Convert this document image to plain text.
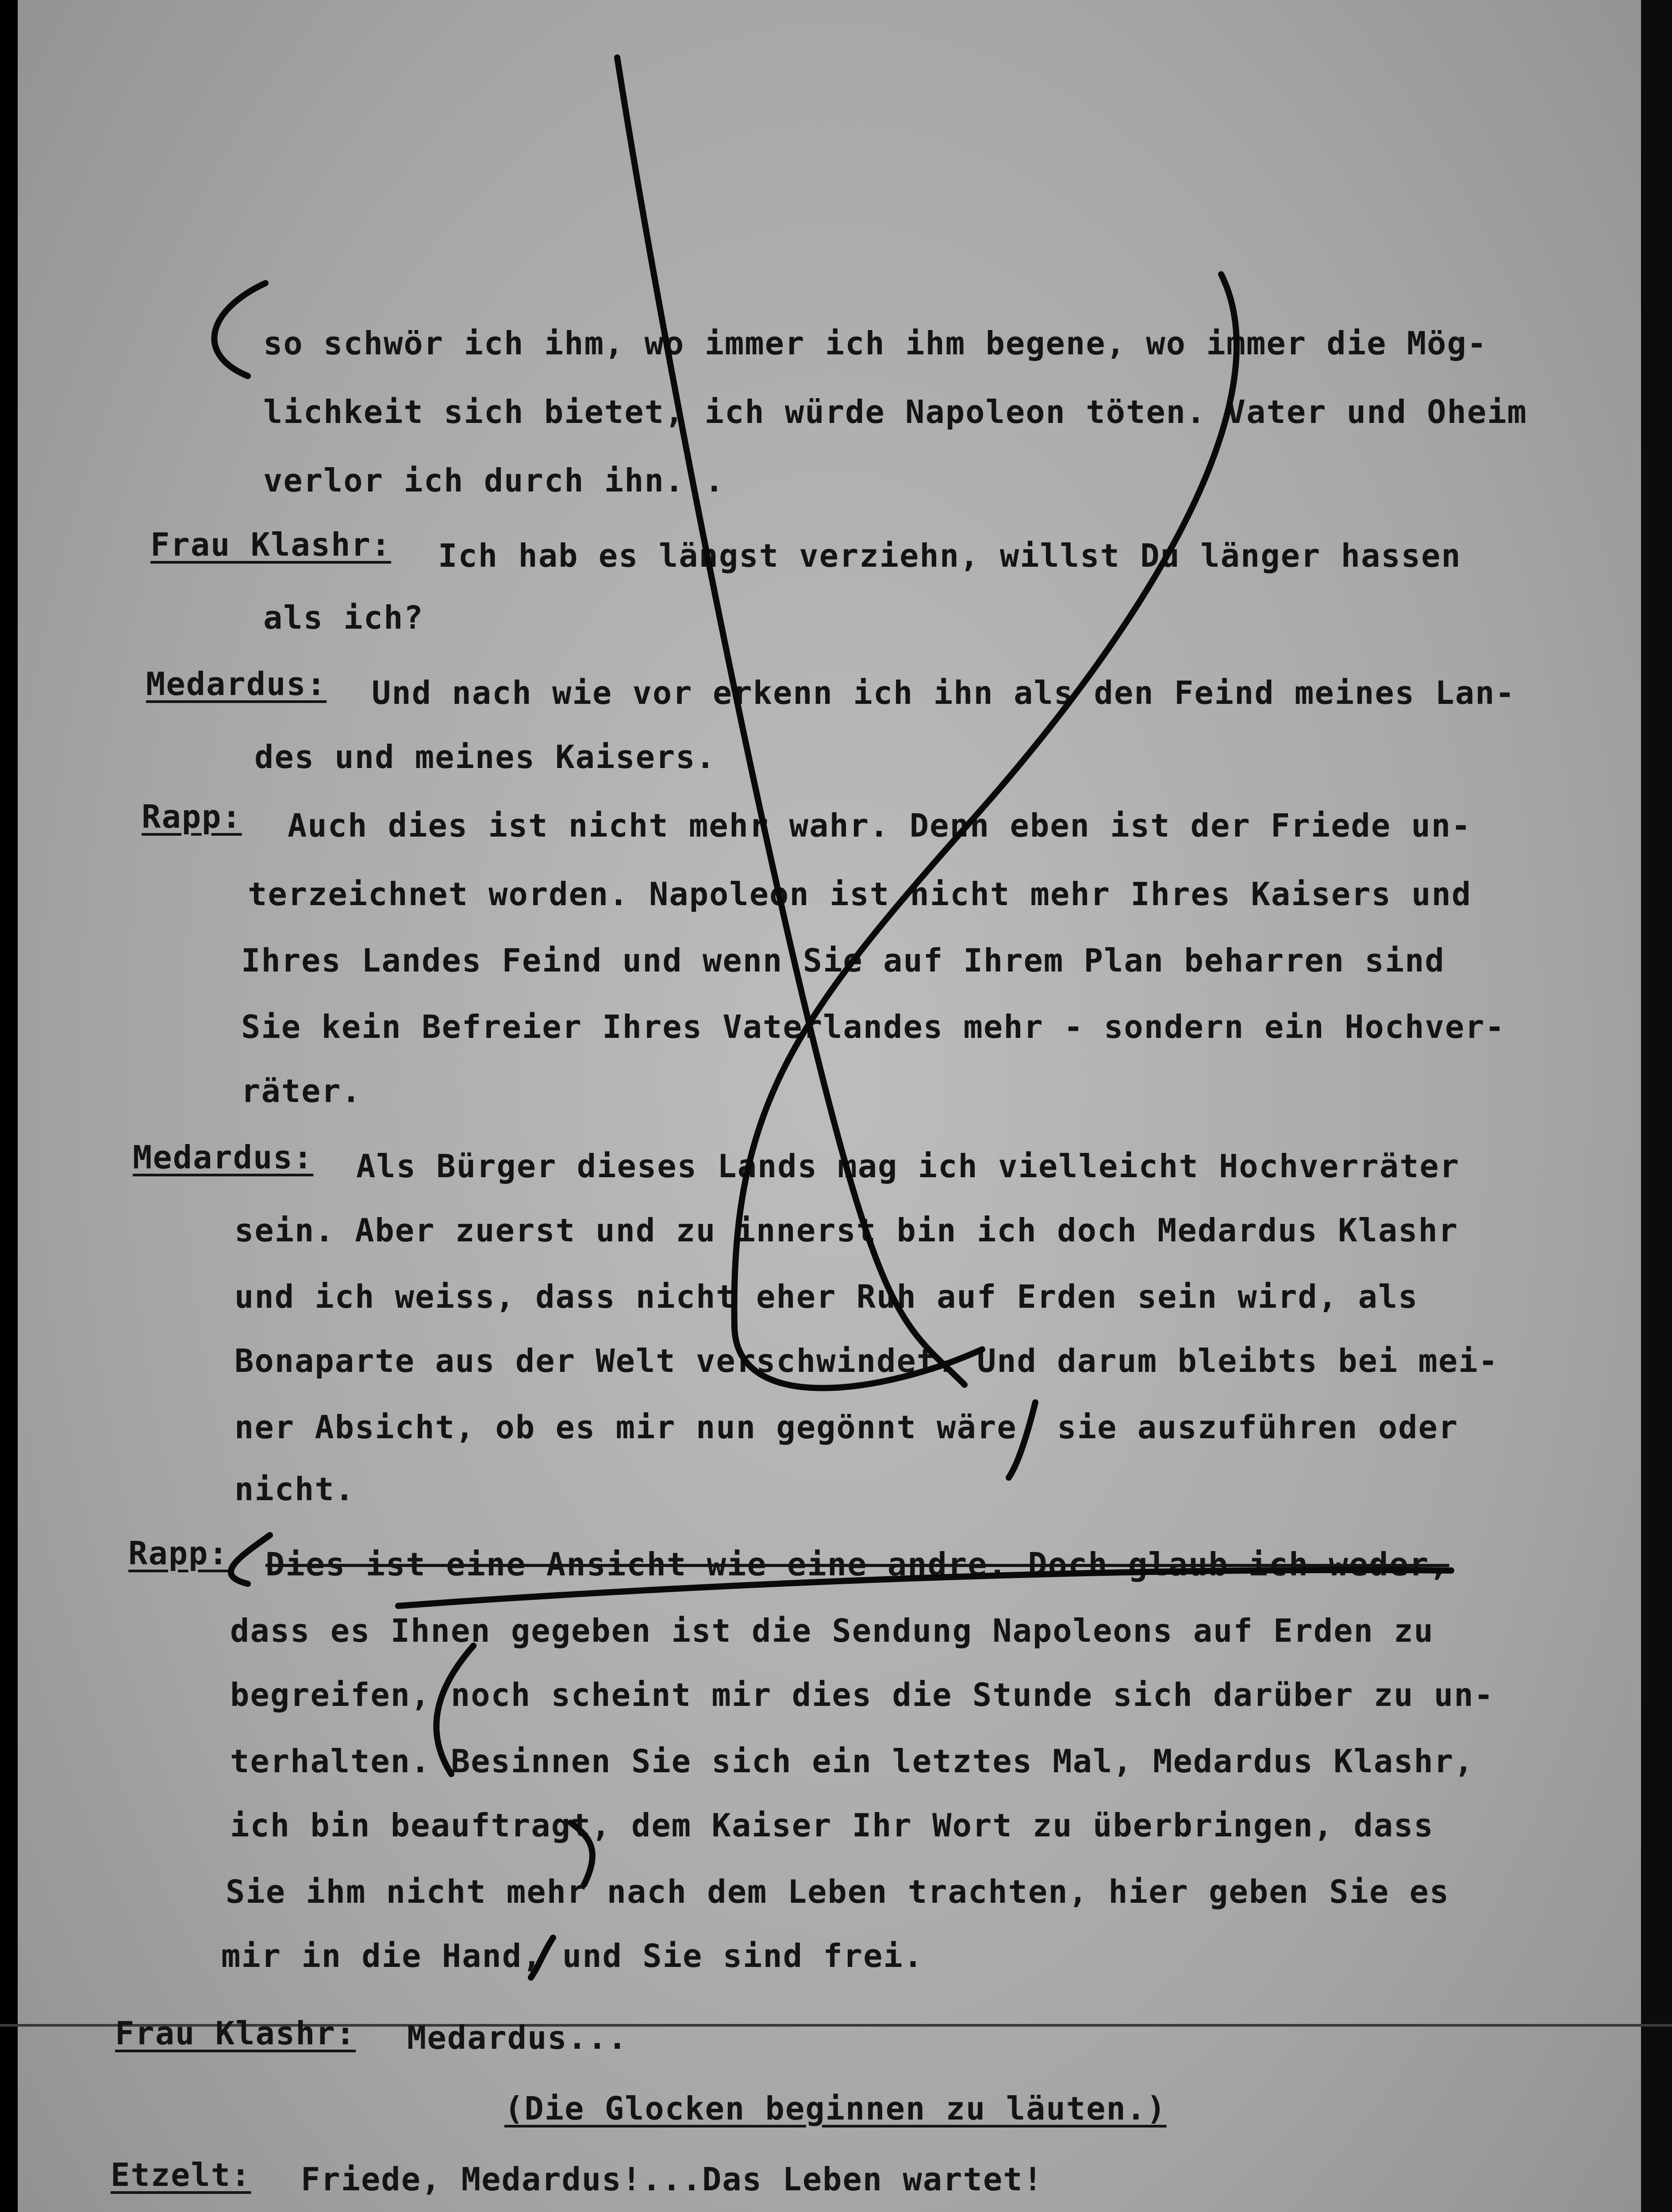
so schwör ich ihm, wo immer ich ihm begene, wo immer die Mög-
lichkeit sich bietet, ich würde Napoleon töten. Vater und Oheim
verlor ich durch ihn...
Frau Klashr: Ich hab es längst verziehn, willst Du länger hassen
als ich?
Medardus: Und nach wie vor erkenn ich ihn als den Feind meines Lan-
des und meines Kaisers.
Rapp: Auch dies ist nicht mehr wahr. Denn eben ist der Friede un-
terzeichnet worden. Napoleon ist nicht mehr Ihres Kaisers und
Ihres Landes Feind und wenn Sie auf Ihrem Plan beharren sind
Sie kein Befreier Ihres Vaterlandes mehr - sondern ein Hochver-
räter.
Medardus: Als Bürger dieses Lands mag ich vielleicht Hochverräter
sein. Aber zuerst und zu innerst bin ich doch Medardus Klashr
und ich weiss, dass nicht eher Ruh auf Erden sein wird, als
Bonaparte aus der Welt verschwindet. Und darum bleibts bei mei-
ner Absicht, ob es mir nun gegönnt wäre, sie auszuführen oder
nicht.
Rapp: Dies ist eine Ansicht wie eine andre. Doch glaub ich weder,
dass es Ihnen gegeben ist die Sendung Napoleons auf Erden zu
begreifen, noch scheint mir dies die Stunde sich darüber zu un-
terhalten. Besinnen Sie sich ein letztes Mal, Medardus Klashr,
ich bin beauftragt, dem Kaiser Ihr Wort zu überbringen, dass
Sie ihm nicht mehr nach dem Leben trachten, hier geben Sie es
mir in die Hand, und Sie sind frei.
Frau Klashr: Medardus...
(Die Glocken beginnen zu läuten.)
Etzelt: Friede, Medardus!...Das Leben wartet!
